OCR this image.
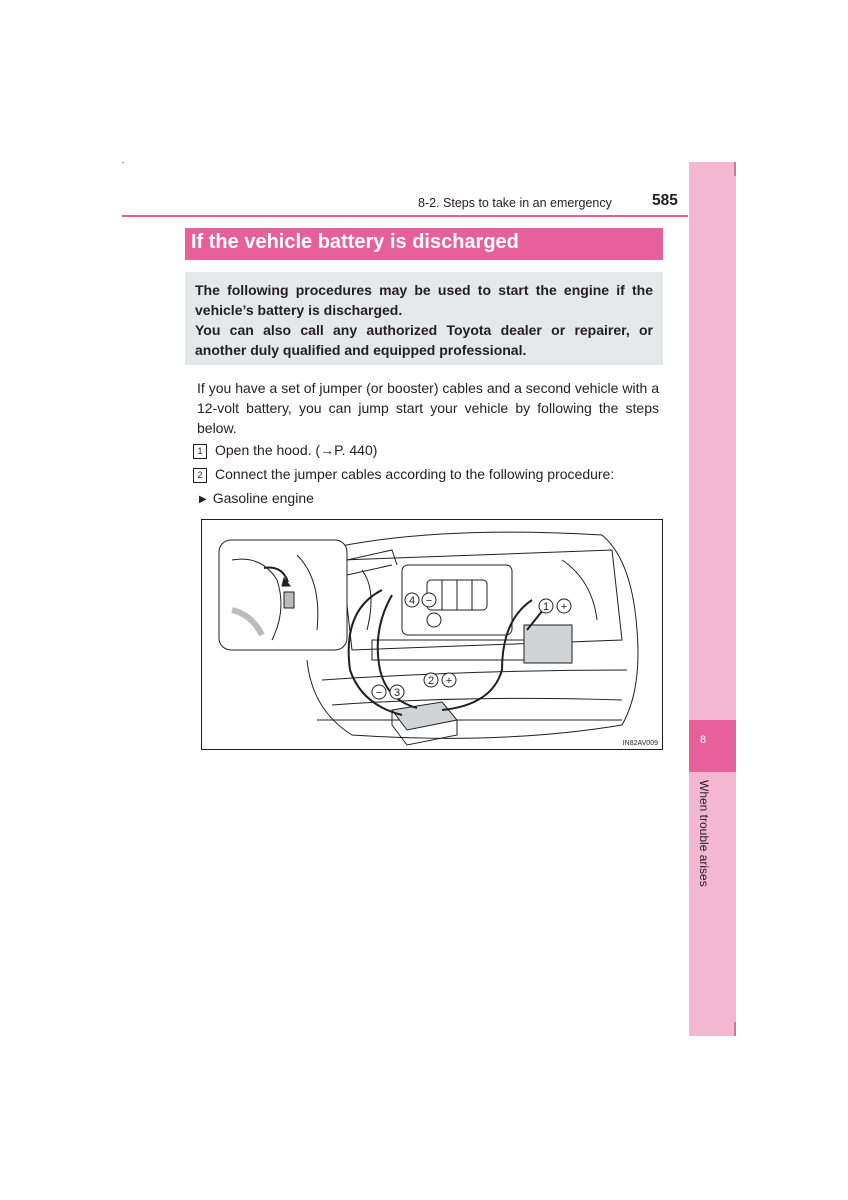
8-2. Steps to take in an emergency	585
8
When trouble arises
If the vehicle battery is discharged

The following procedures may be used to start the engine if the vehicle’s battery is discharged.

You can also call any authorized Toyota dealer or repairer, or another duly qualified and equipped professional.

If you have a set of jumper (or booster) cables and a second vehicle with a 12-volt battery, you can jump start your vehicle by following the steps below.

1 Open the hood. (→P. 440)
2 Connect the jumper cables according to the following procedure:
▶ Gasoline engine
4 −	1 +
2 +
− 3
IN82AV009
